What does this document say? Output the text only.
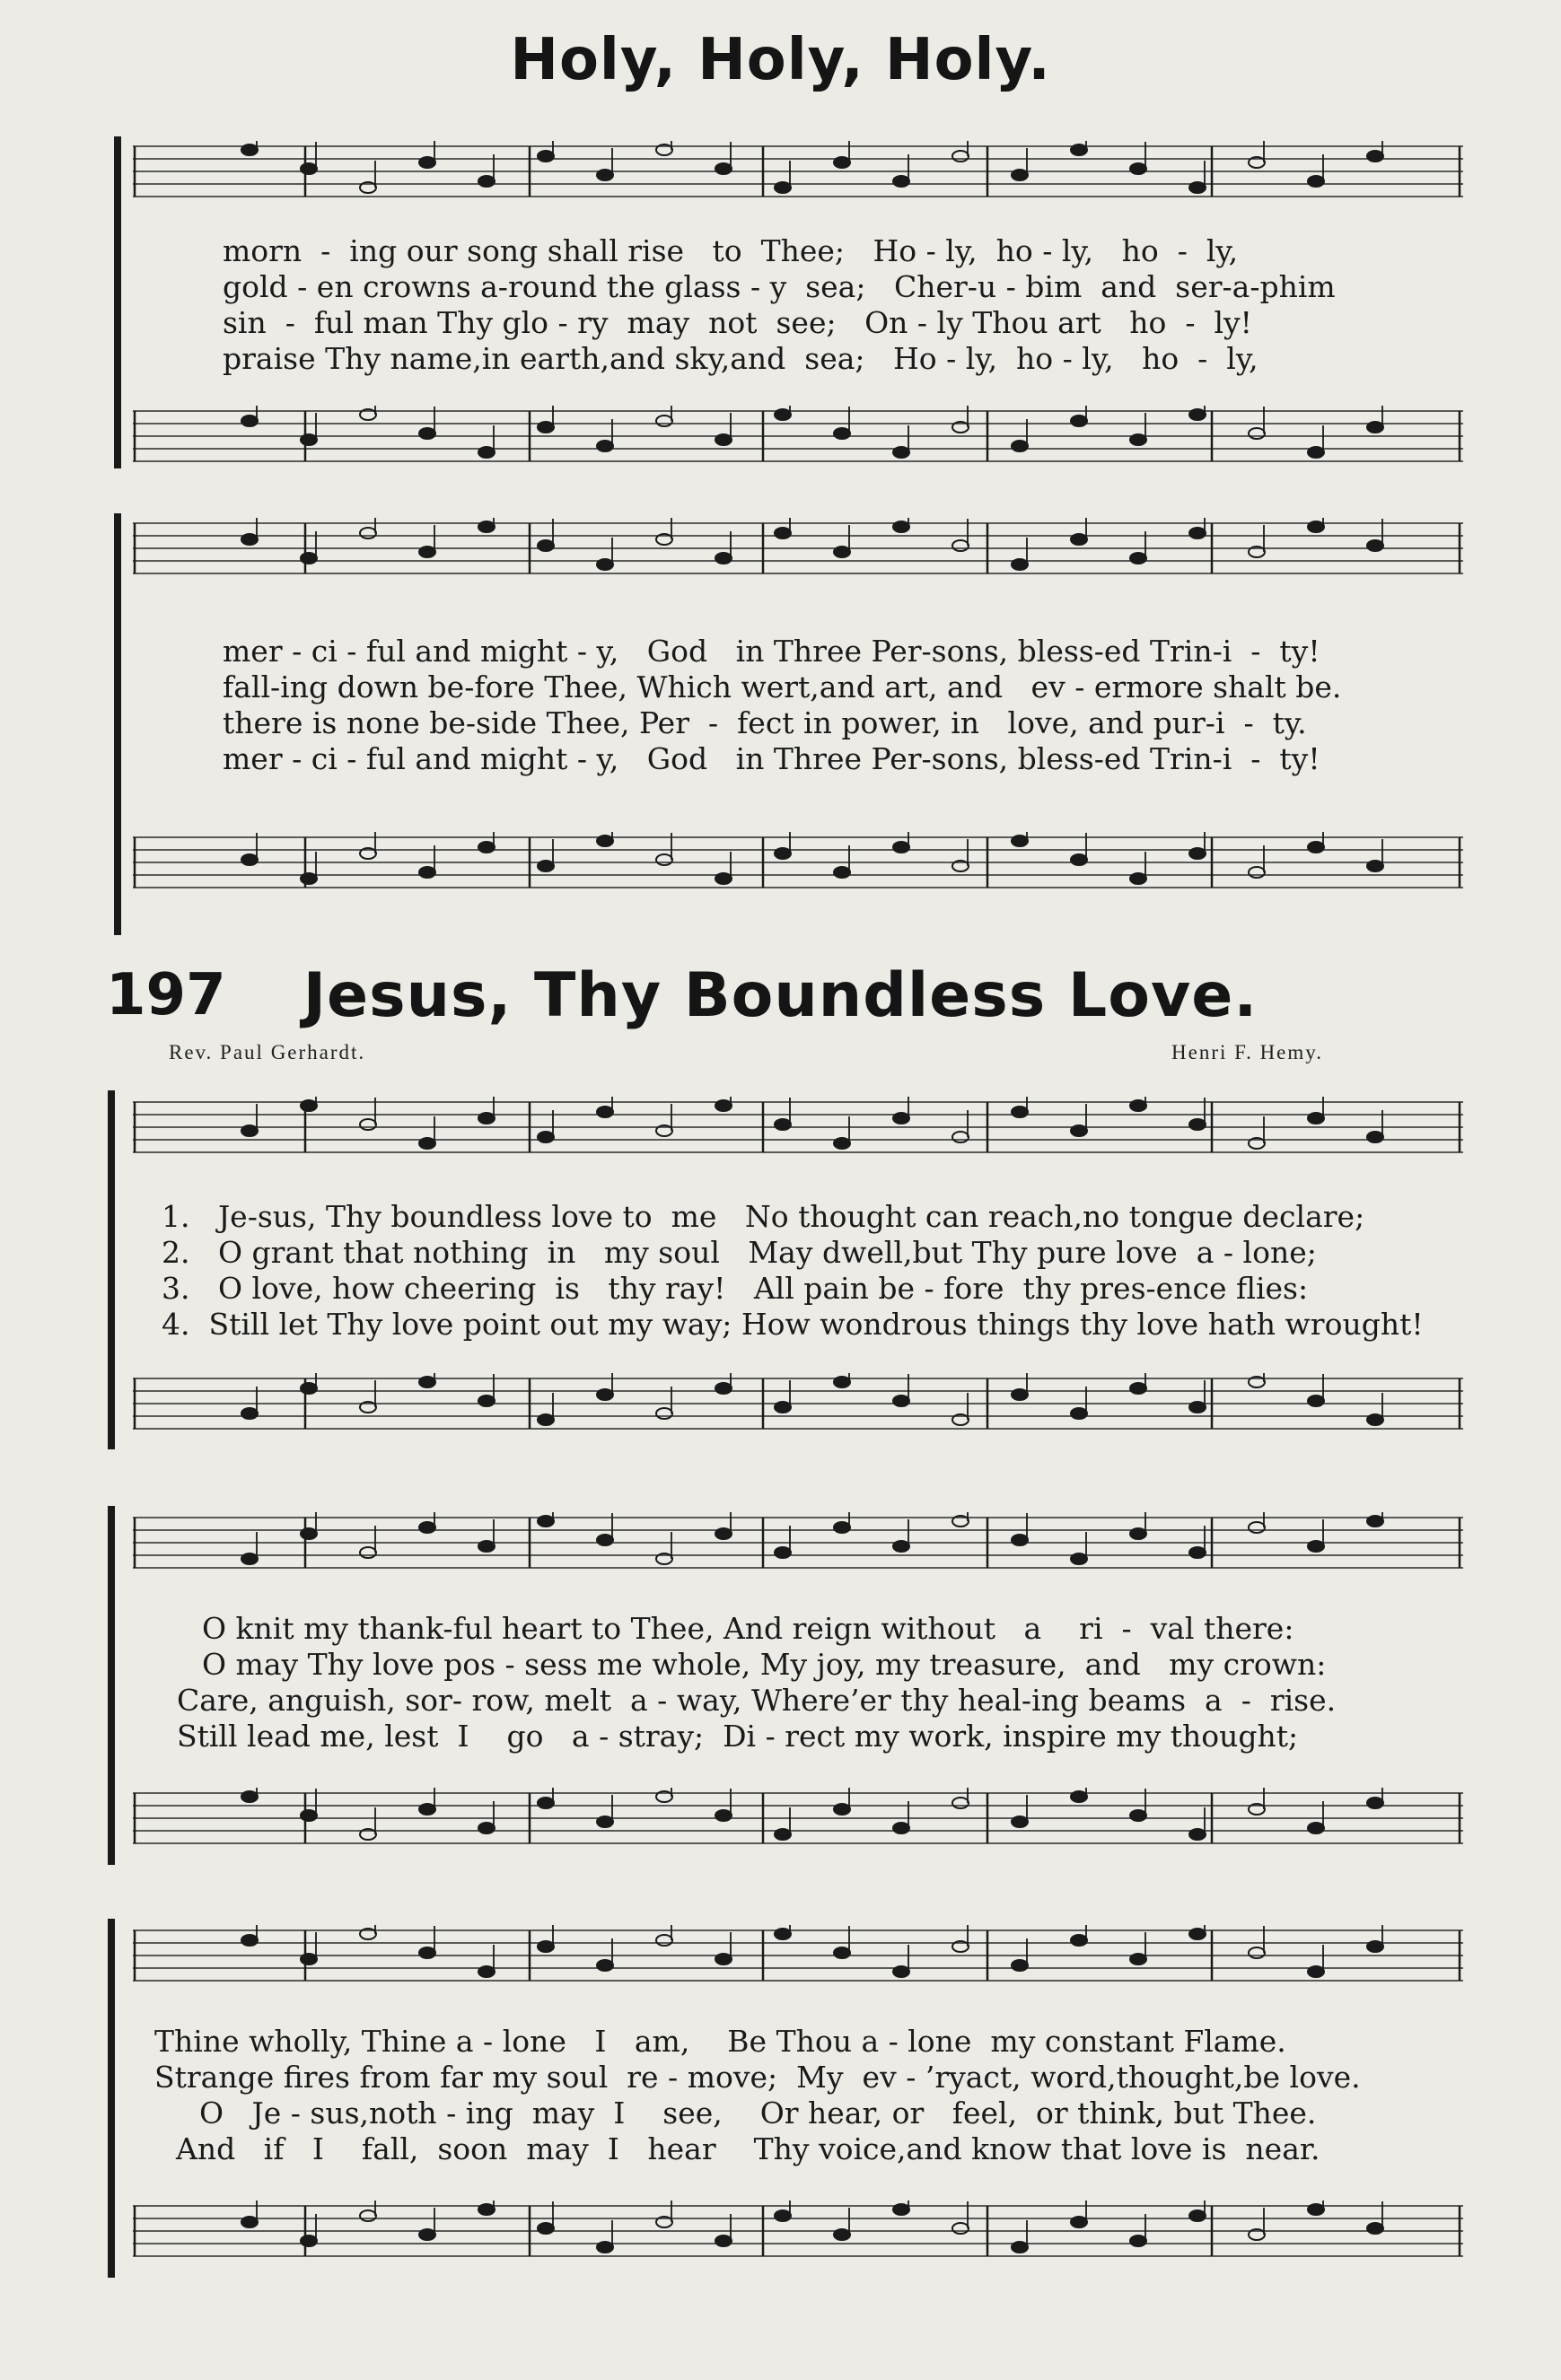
Holy, Holy, Holy.
197	Jesus, Thy Boundless Love.
Rev. Paul Gerhardt.	Henri F. Hemy.
morn  -  ing our song shall rise   to  Thee;   Ho - ly,  ho - ly,   ho  -  ly,
gold - en crowns a-round the glass - y  sea;   Cher-u - bim  and  ser-a-phim
sin  -  ful man Thy glo - ry  may  not  see;   On - ly Thou art   ho  -  ly!
praise Thy name,in earth,and sky,and  sea;   Ho - ly,  ho - ly,   ho  -  ly,
mer - ci - ful and might - y,   God   in Three Per-sons, bless-ed Trin-i  -  ty!
fall-ing down be-fore Thee, Which wert,and art, and   ev - ermore shalt be.
there is none be-side Thee, Per  -  fect in power, in   love, and pur-i  -  ty.
mer - ci - ful and might - y,   God   in Three Per-sons, bless-ed Trin-i  -  ty!
1.   Je-sus, Thy boundless love to  me   No thought can reach,no tongue declare;
2.   O grant that nothing  in   my soul   May dwell,but Thy pure love  a - lone;
3.   O love, how cheering  is   thy ray!   All pain be - fore  thy pres-ence flies:
4.  Still let Thy love point out my way; How wondrous things thy love hath wrought!
O knit my thank-ful heart to Thee, And reign without   a    ri  -  val there:
O may Thy love pos - sess me whole, My joy, my treasure,  and   my crown:
Care, anguish, sor- row, melt  a - way, Where’er thy heal-ing beams  a  -  rise.
Still lead me, lest  I    go   a - stray;  Di - rect my work, inspire my thought;
Thine wholly, Thine a - lone   I   am,    Be Thou a - lone  my constant Flame.
Strange fires from far my soul  re - move;  My  ev - ’ryact, word,thought,be love.
O   Je - sus,noth - ing  may  I    see,    Or hear, or   feel,  or think, but Thee.
And   if   I    fall,  soon  may  I   hear    Thy voice,and know that love is  near.
